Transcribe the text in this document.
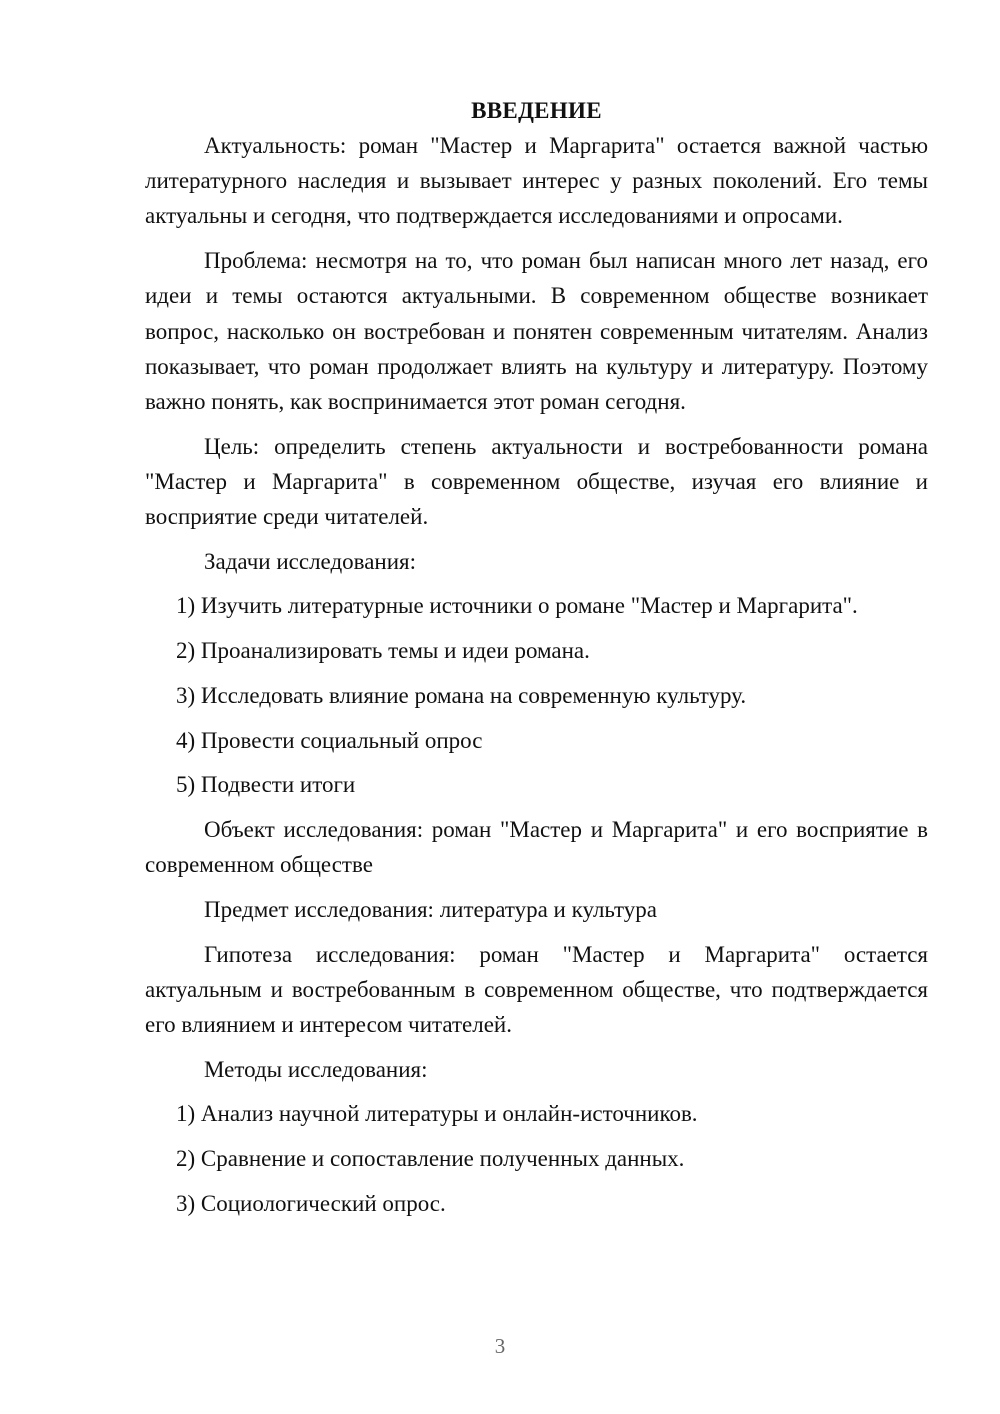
ВВЕДЕНИЕ

Актуальность: роман "Мастер и Маргарита" остается важной частью литературного наследия и вызывает интерес у разных поколений. Его темы актуальны и сегодня, что подтверждается исследованиями и опросами.

Проблема: несмотря на то, что роман был написан много лет назад, его идеи и темы остаются актуальными. В современном обществе возникает вопрос, насколько он востребован и понятен современным читателям. Анализ показывает, что роман продолжает влиять на культуру и литературу. Поэтому важно понять, как воспринимается этот роман сегодня.

Цель: определить степень актуальности и востребованности романа "Мастер и Маргарита" в современном обществе, изучая его влияние и восприятие среди читателей.

Задачи исследования:

1) Изучить литературные источники о романе "Мастер и Маргарита".
2) Проанализировать темы и идеи романа.
3) Исследовать влияние романа на современную культуру.
4) Провести социальный опрос
5) Подвести итоги

Объект исследования: роман "Мастер и Маргарита" и его восприятие в современном обществе

Предмет исследования: литература и культура

Гипотеза исследования: роман "Мастер и Маргарита" остается актуальным и востребованным в современном обществе, что подтверждается его влиянием и интересом читателей.

Методы исследования:

1) Анализ научной литературы и онлайн-источников.
2) Сравнение и сопоставление полученных данных.
3) Социологический опрос.
3
